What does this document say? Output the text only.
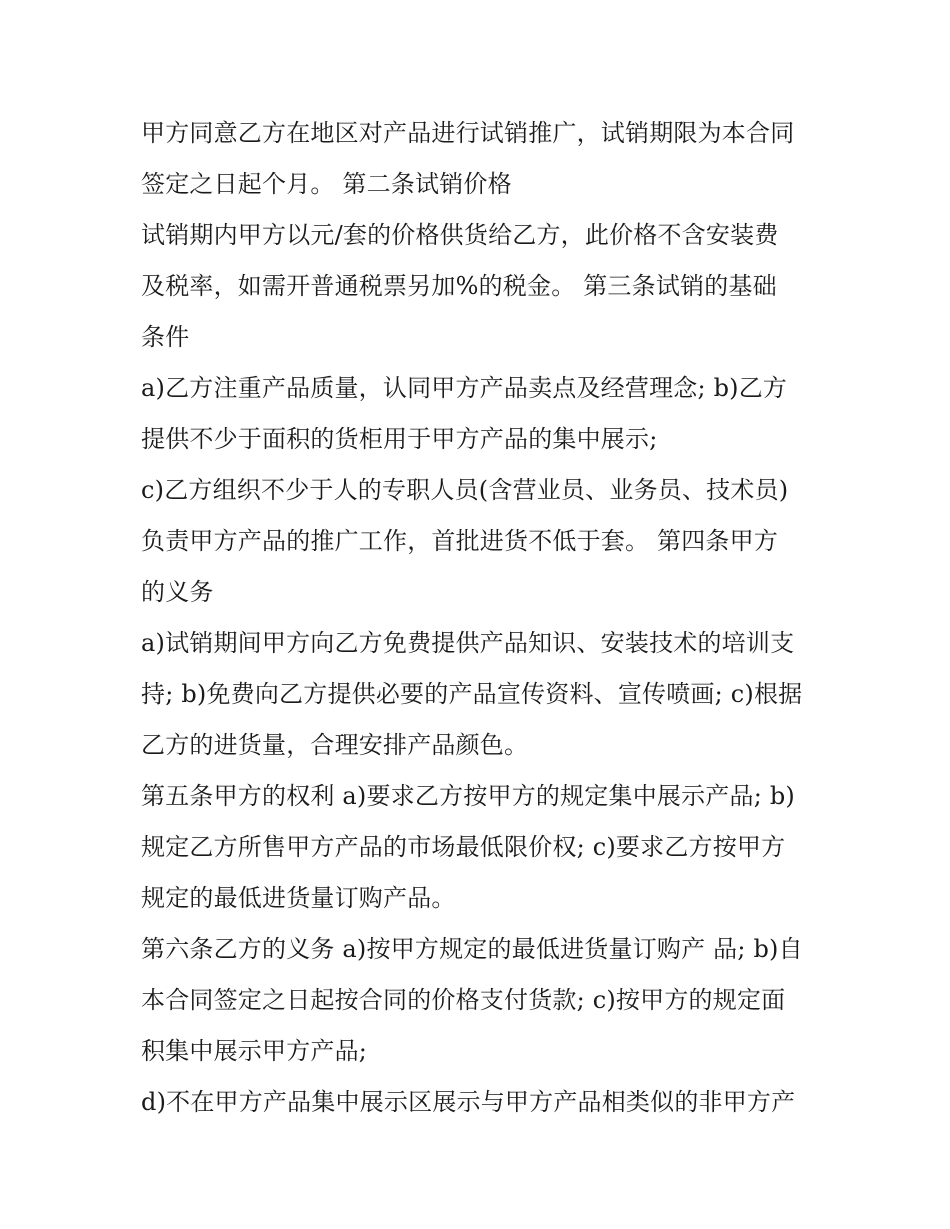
甲方同意乙方在地区对产品进行试销推广，试销期限为本合同
签定之日起个月。 第二条试销价格

试销期内甲方以元/套的价格供货给乙方，此价格不含安装费
及税率，如需开普通税票另加%的税金。 第三条试销的基础
条件

a)乙方注重产品质量，认同甲方产品卖点及经营理念; b)乙方
提供不少于面积的货柜用于甲方产品的集中展示;

c)乙方组织不少于人的专职人员(含营业员、业务员、技术员)
负责甲方产品的推广工作，首批进货不低于套。 第四条甲方
的义务

a)试销期间甲方向乙方免费提供产品知识、安装技术的培训支
持; b)免费向乙方提供必要的产品宣传资料、宣传喷画; c)根据
乙方的进货量，合理安排产品颜色。

第五条甲方的权利 a)要求乙方按甲方的规定集中展示产品; b)
规定乙方所售甲方产品的市场最低限价权; c)要求乙方按甲方
规定的最低进货量订购产品。

第六条乙方的义务 a)按甲方规定的最低进货量订购产 品; b)自
本合同签定之日起按合同的价格支付货款; c)按甲方的规定面
积集中展示甲方产品;

d)不在甲方产品集中展示区展示与甲方产品相类似的非甲方产
